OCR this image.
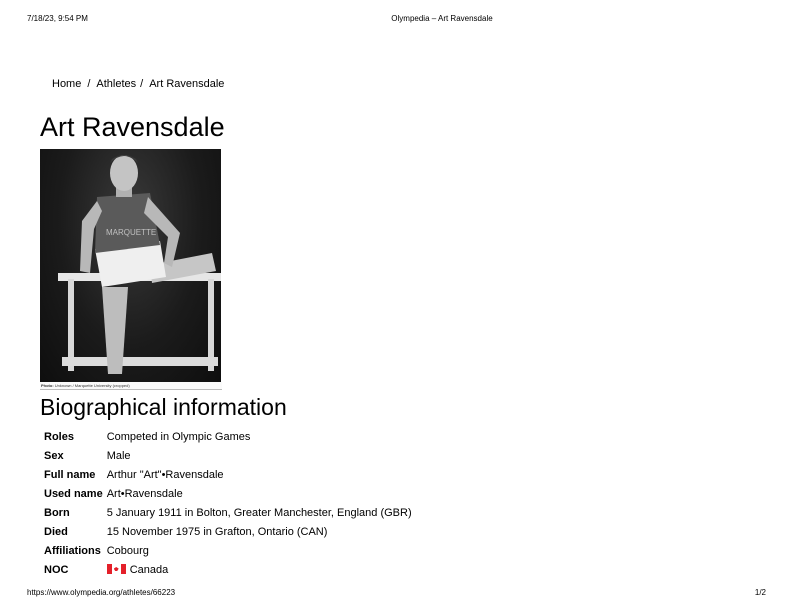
7/18/23, 9:54 PM	Olympedia – Art Ravensdale
Home / Athletes / Art Ravensdale
Art Ravensdale
MARQUETTE
Photo: Unknown / Marquette University (cropped)
Biographical information
Roles	Competed in Olympic Games
Sex	Male
Full name	Arthur "Art"•Ravensdale
Used name	Art•Ravensdale
Born	5 January 1911 in Bolton, Greater Manchester, England (GBR)
Died	15 November 1975 in Grafton, Ontario (CAN)
Affiliations	Cobourg
NOC	Canada
https://www.olympedia.org/athletes/66223	1/2
